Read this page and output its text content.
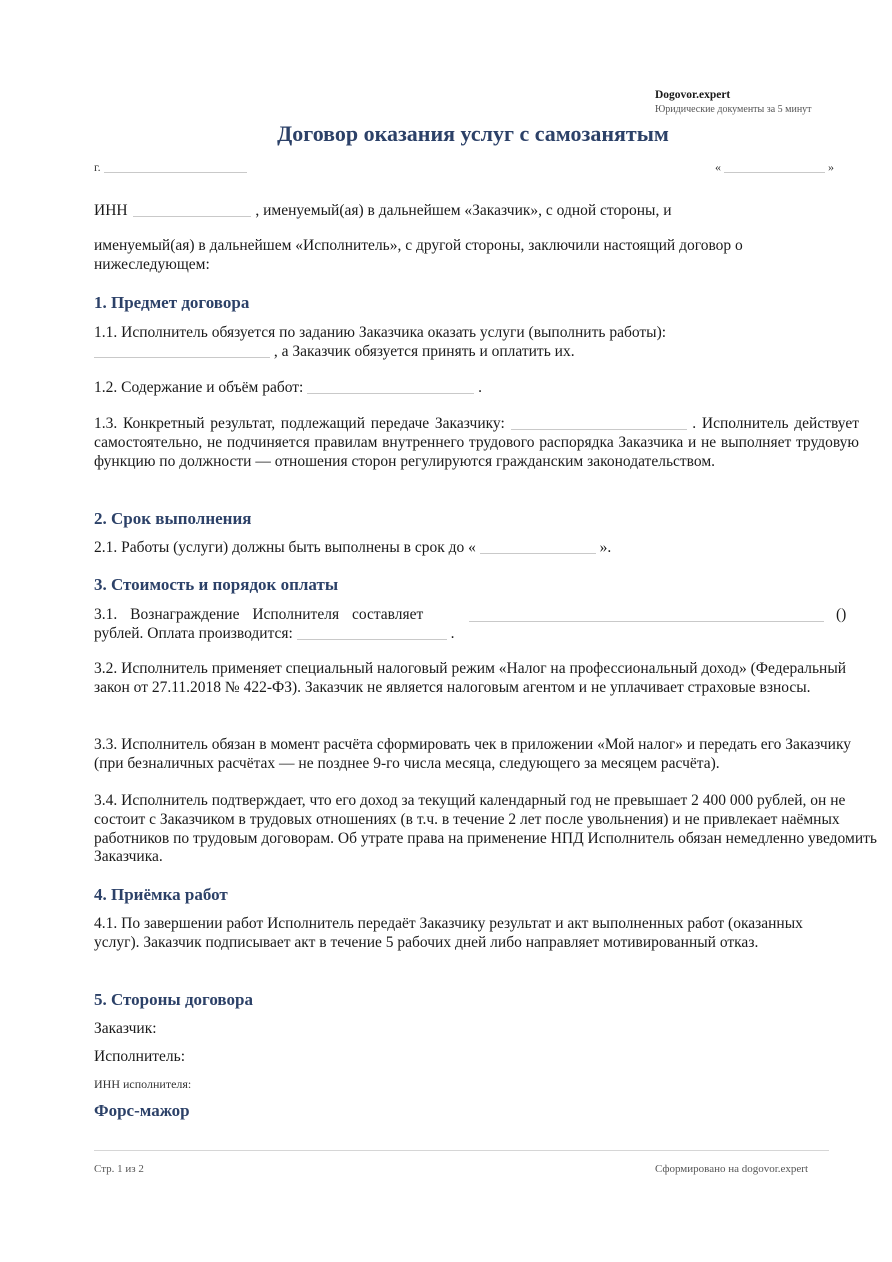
Dogovor.expert
Юридические документы за 5 минут
Договор оказания услуг с самозанятым
г.	«	»
ИНН	, именуемый(ая) в дальнейшем «Заказчик», с одной стороны, и
именуемый(ая) в дальнейшем «Исполнитель», с другой стороны, заключили настоящий договор о нижеследующем:
1. Предмет договора
1.1. Исполнитель обязуется по заданию Заказчика оказать услуги (выполнить работы):
, а Заказчик обязуется принять и оплатить их.
1.2. Содержание и объём работ:	.
1.3. Конкретный результат, подлежащий передаче Заказчику:	. Исполнитель действует самостоятельно, не подчиняется правилам внутреннего трудового распорядка Заказчика и не выполняет трудовую функцию по должности — отношения сторон регулируются гражданским законодательством.
2. Срок выполнения
2.1. Работы (услуги) должны быть выполнены в срок до «	».
3. Стоимость и порядок оплаты
3.1. Вознаграждение Исполнителя составляет	()
рублей. Оплата производится:	.
3.2. Исполнитель применяет специальный налоговый режим «Налог на профессиональный доход» (Федеральный закон от 27.11.2018 № 422-ФЗ). Заказчик не является налоговым агентом и не уплачивает страховые взносы.
3.3. Исполнитель обязан в момент расчёта сформировать чек в приложении «Мой налог» и передать его Заказчику (при безналичных расчётах — не позднее 9-го числа месяца, следующего за месяцем расчёта).
3.4. Исполнитель подтверждает, что его доход за текущий календарный год не превышает 2 400 000 рублей, он не состоит с Заказчиком в трудовых отношениях (в т.ч. в течение 2 лет после увольнения) и не привлекает наёмных работников по трудовым договорам. Об утрате права на применение НПД Исполнитель обязан немедленно уведомить Заказчика.
4. Приёмка работ
4.1. По завершении работ Исполнитель передаёт Заказчику результат и акт выполненных работ (оказанных услуг). Заказчик подписывает акт в течение 5 рабочих дней либо направляет мотивированный отказ.
5. Стороны договора
Заказчик:
Исполнитель:
ИНН исполнителя:
Форс-мажор
Стр. 1 из 2	Сформировано на dogovor.expert
